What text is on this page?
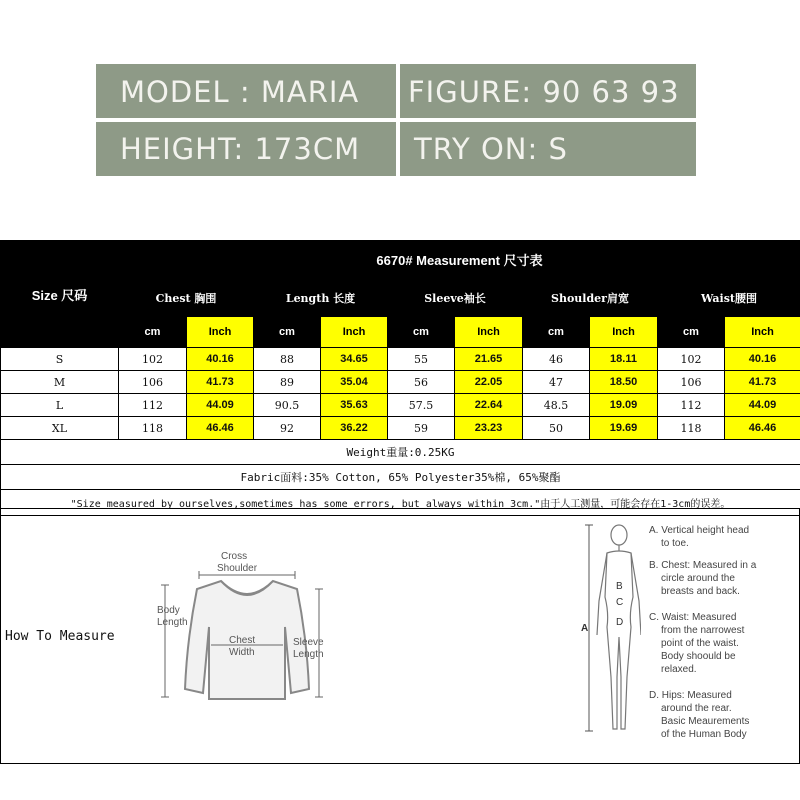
MODEL : MARIA FIGURE: 90 63 93
HEIGHT: 173CM TRY ON: S
Size 尺码	6670# Measurement 尺寸表									
	Chest 胸围		Length 长度		Sleeve袖长		Shoulder肩宽		Waist腰围	
	cm	Inch	cm	Inch	cm	Inch	cm	Inch	cm	Inch
S	102	40.16	88	34.65	55	21.65	46	18.11	102	40.16
M	106	41.73	89	35.04	56	22.05	47	18.50	106	41.73
L	112	44.09	90.5	35.63	57.5	22.64	48.5	19.09	112	44.09
XL	118	46.46	92	36.22	59	23.23	50	19.69	118	46.46
Weight重量:0.25KG										
Fabric面料:35% Cotton, 65% Polyester35%棉, 65%聚酯										
"Size measured by ourselves,sometimes has some errors, but always within 3cm."由于人工测量，可能会存在1-3cm的误差。										
How To Measure
Cross
Shoulder
Body
Length
Chest
Width
Sleeve
Length
A
B
C
D
A. Vertical height head
to toe.
B. Chest: Measured in a
circle around the
breasts and back.
C. Waist: Measured
from the narrowest
point of the waist.
Body shoould be
relaxed.
D. Hips: Measured
around the rear.
Basic Meaurements
of the Human Body
